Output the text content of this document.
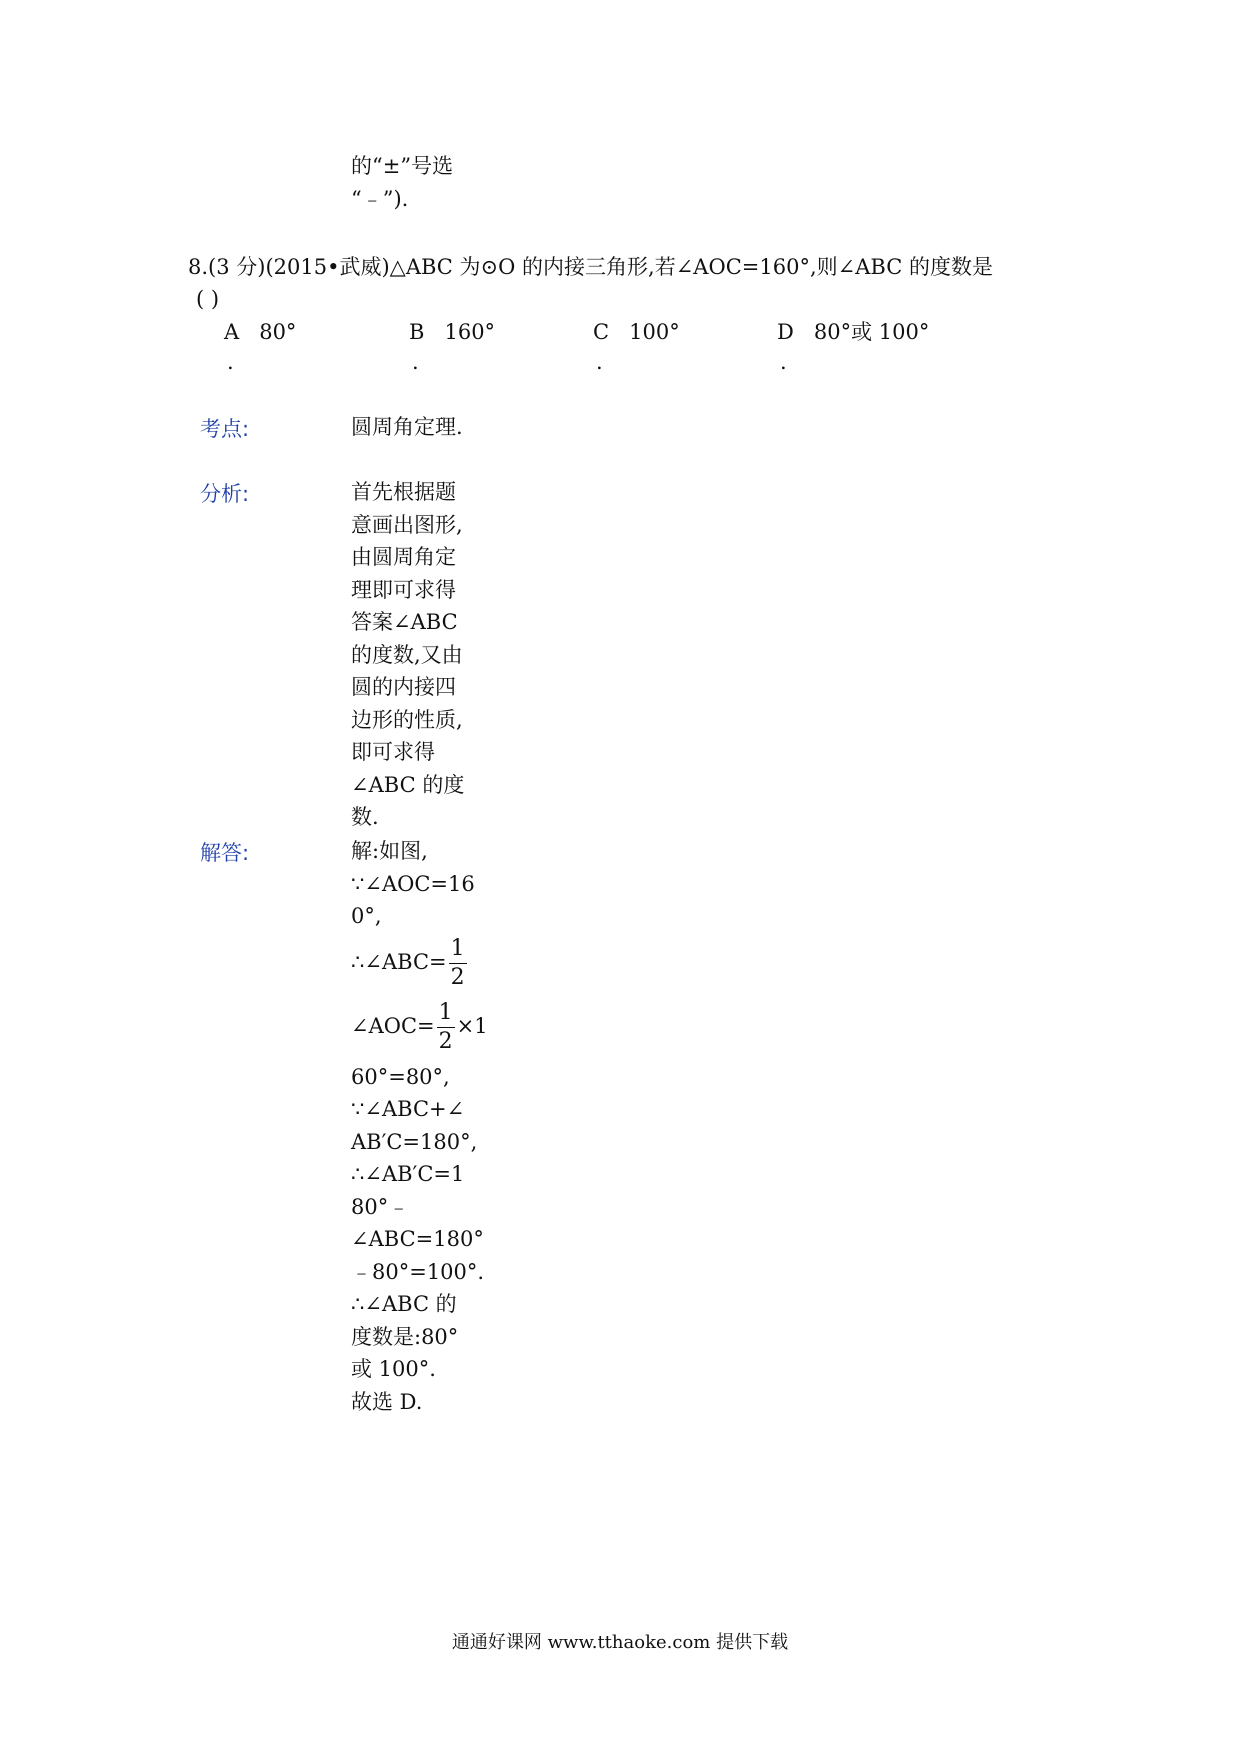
的“±”号选
“﹣”).
8.(3 分)(2015•武威)△ABC 为⊙O 的内接三角形,若∠AOC=160°,则∠ABC 的度数是
( )
A 80°
.
B 160°
.
C 100°
.
D 80°或 100°
.
考点:	圆周角定理.
分析:	首先根据题
意画出图形,
由圆周角定
理即可求得
答案∠ABC
的度数,又由
圆的内接四
边形的性质,
即可求得
∠ABC 的度
数.
解答:	解:如图,
∵∠AOC=16
0°,
∴∠ABC= $\frac{1}{2}$
∠AOC= $\frac{1}{2} \times 1$
60°=80°,
∵∠ABC+∠
AB′C=180°,
∴∠AB′C=1
80°﹣
∠ABC=180°
﹣80°=100°.
∴∠ABC 的
度数是:80°
或 100°.
故选 D.
通通好课网 www.tthaoke.com 提供下载
